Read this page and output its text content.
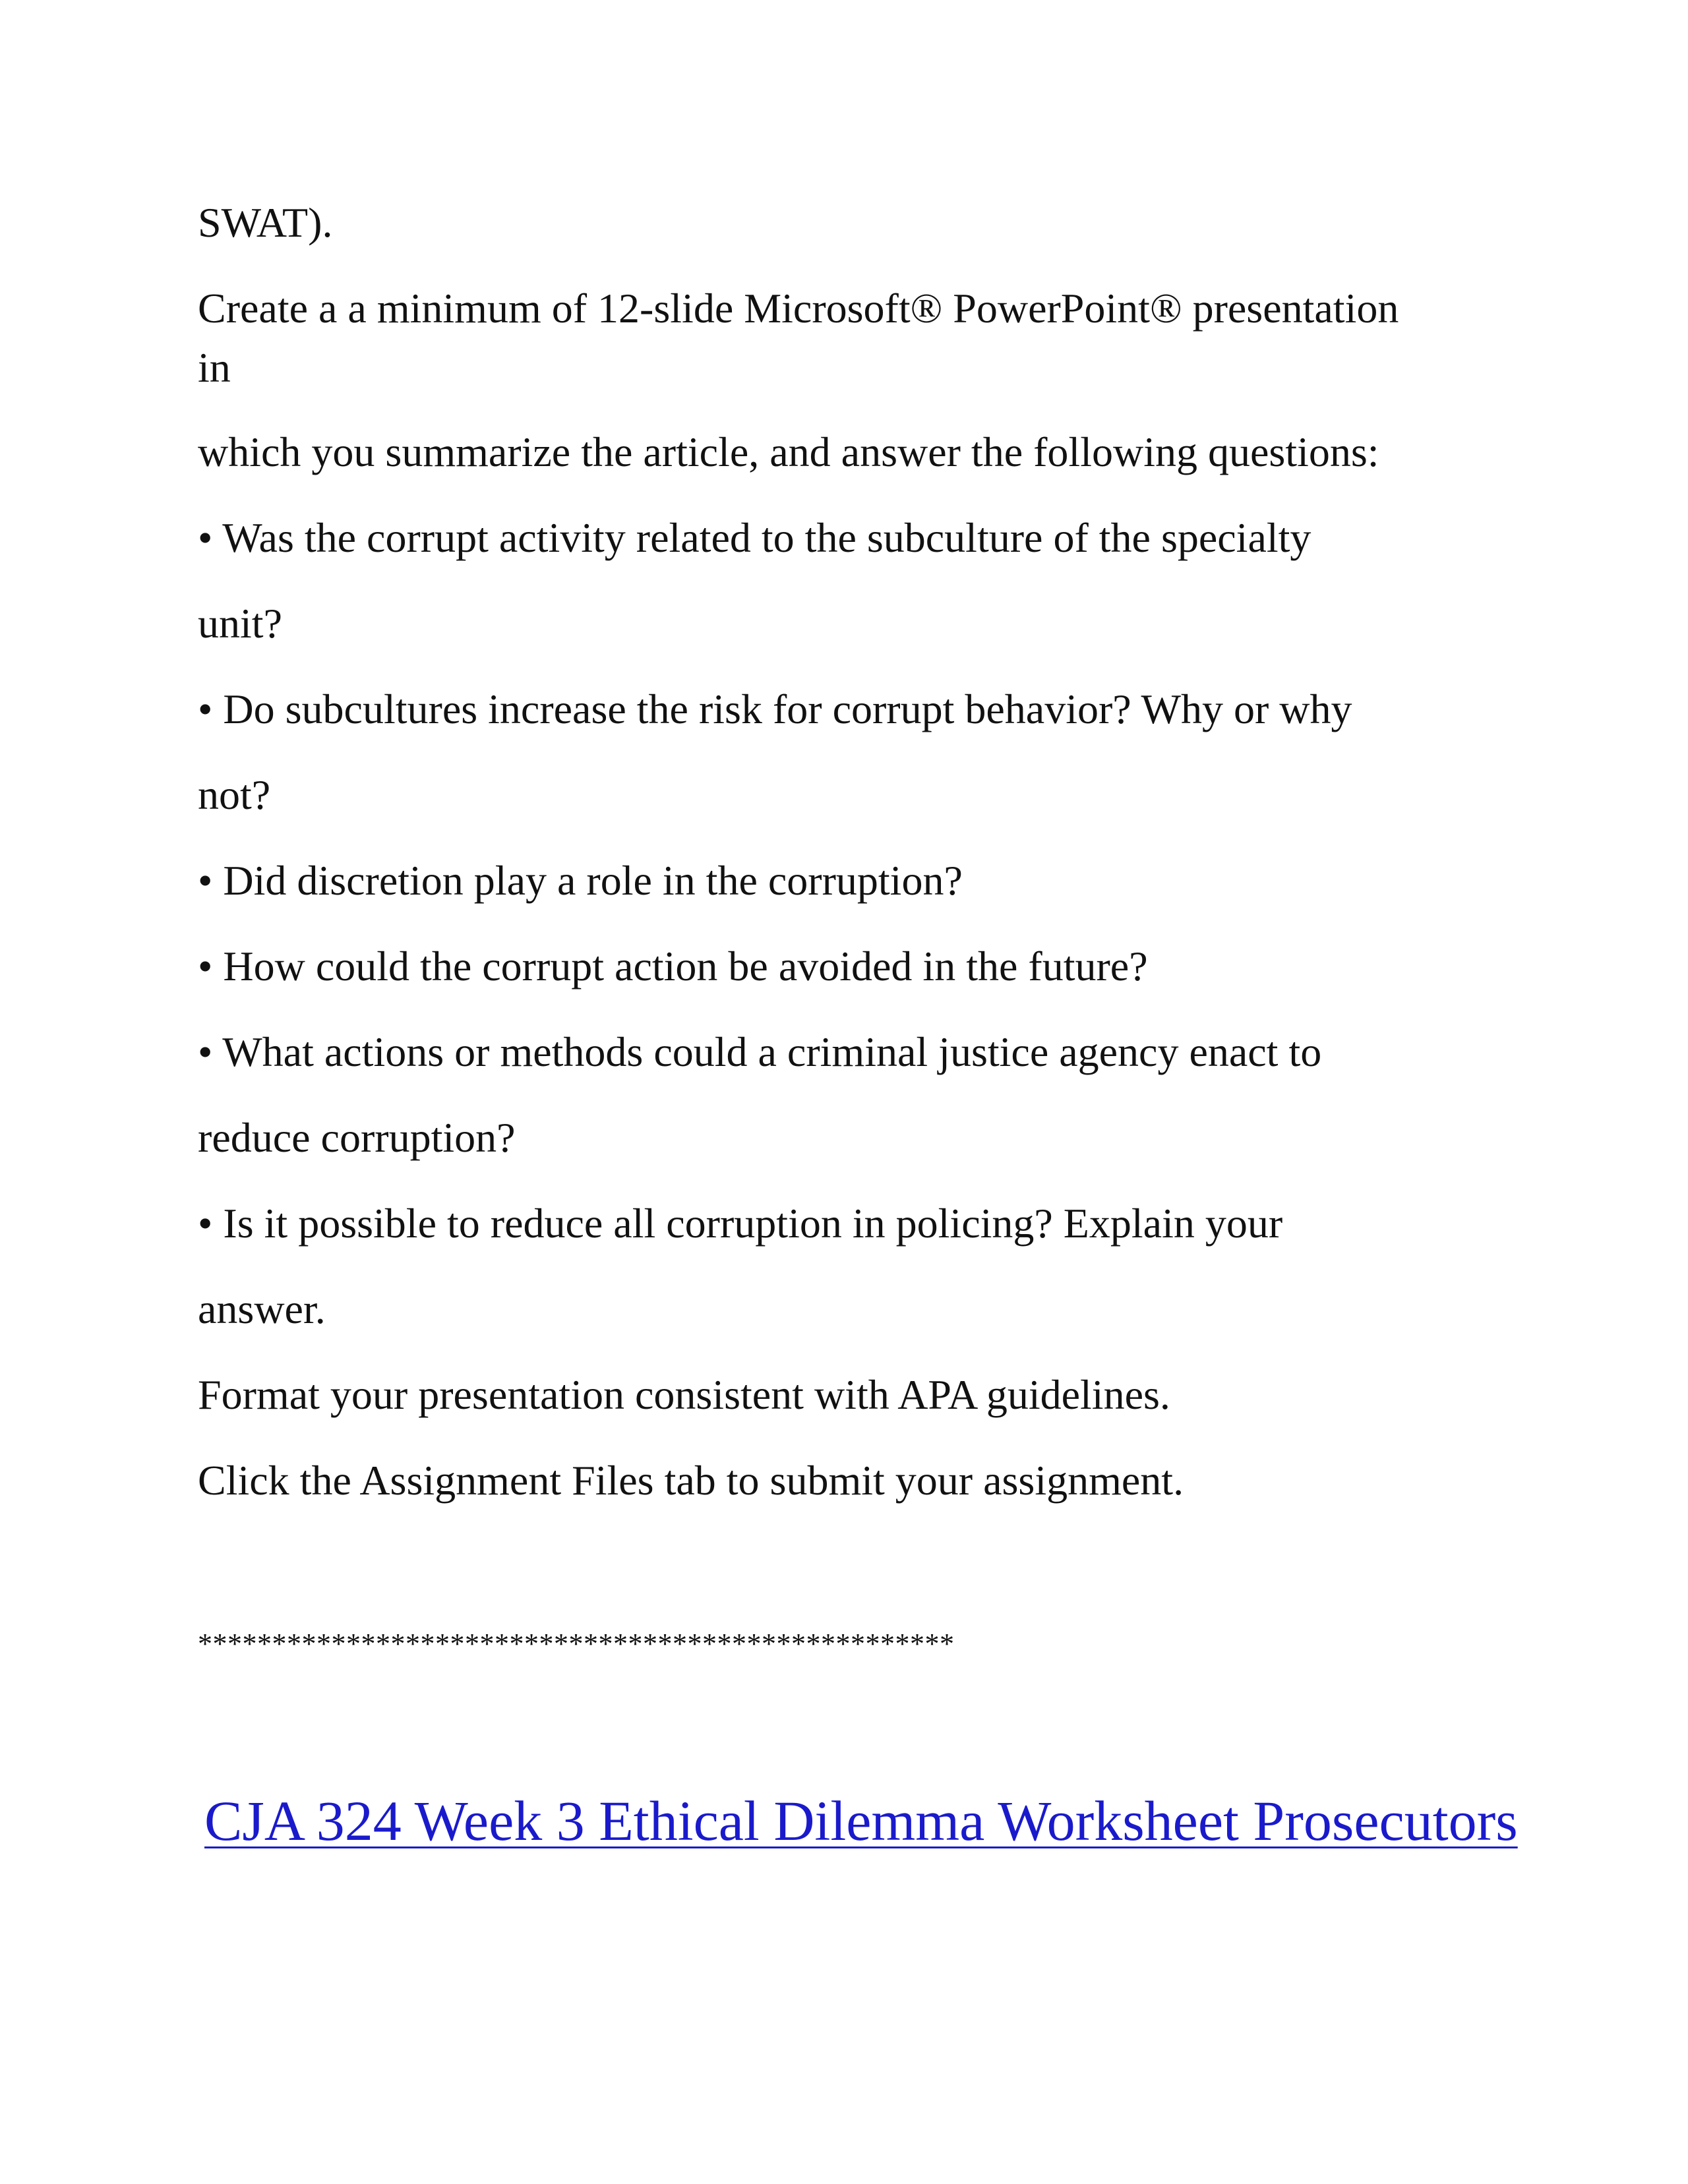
SWAT).

Create a a minimum of 12-slide Microsoft® PowerPoint® presentation

in

which you summarize the article, and answer the following questions:

• Was the corrupt activity related to the subculture of the specialty

unit?

• Do subcultures increase the risk for corrupt behavior? Why or why

not?

• Did discretion play a role in the corruption?

• How could the corrupt action be avoided in the future?

• What actions or methods could a criminal justice agency enact to

reduce corruption?

• Is it possible to reduce all corruption in policing? Explain your

answer.

Format your presentation consistent with APA guidelines.

Click the Assignment Files tab to submit your assignment.

***************************************************
CJA 324 Week 3 Ethical Dilemma Worksheet Prosecutors
